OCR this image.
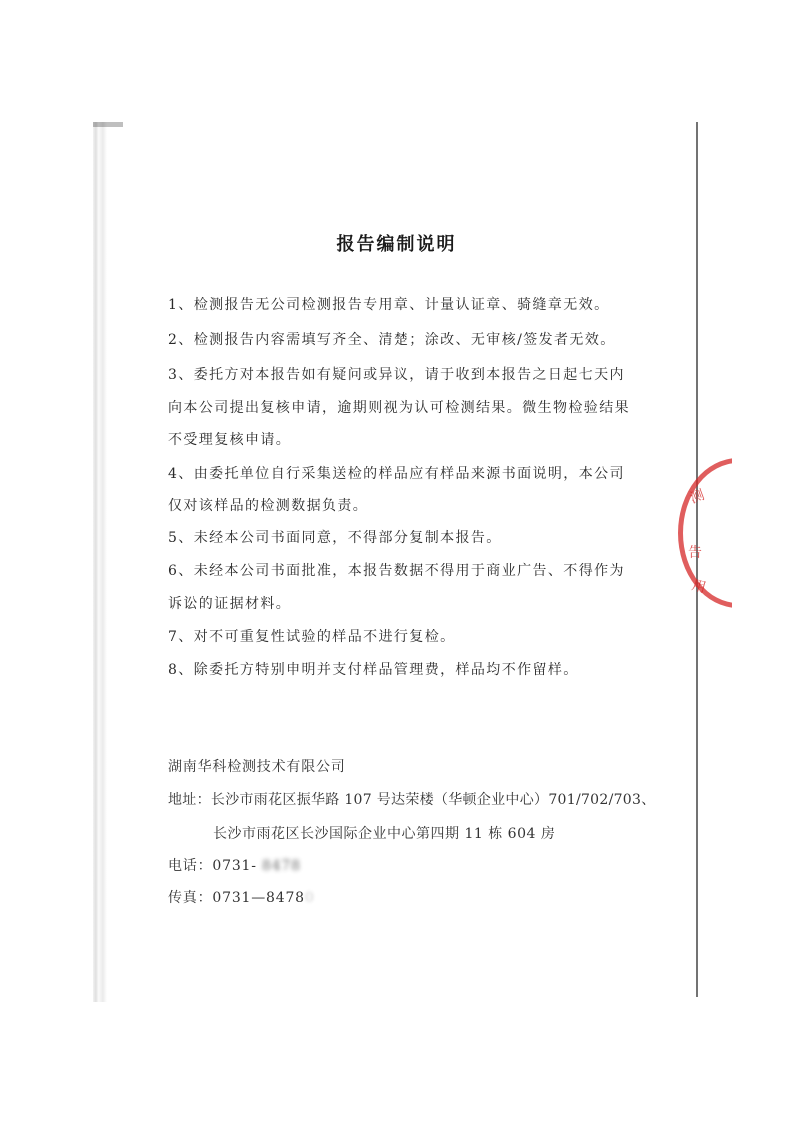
测
告
用
报告编制说明
1、检测报告无公司检测报告专用章、计量认证章、骑缝章无效。
2、检测报告内容需填写齐全、清楚；涂改、无审核/签发者无效。
3、委托方对本报告如有疑问或异议，请于收到本报告之日起七天内
向本公司提出复核申请，逾期则视为认可检测结果。微生物检验结果
不受理复核申请。
4、由委托单位自行采集送检的样品应有样品来源书面说明，本公司
仅对该样品的检测数据负责。
5、未经本公司书面同意，不得部分复制本报告。
6、未经本公司书面批准，本报告数据不得用于商业广告、不得作为
诉讼的证据材料。
7、对不可重复性试验的样品不进行复检。
8、除委托方特别申明并支付样品管理费，样品均不作留样。
湖南华科检测技术有限公司
地址：长沙市雨花区振华路 107 号达荣楼（华顿企业中心）701/702/703、
长沙市雨花区长沙国际企业中心第四期 11 栋 604 房
电话：0731- 8478
传真：0731—84780
